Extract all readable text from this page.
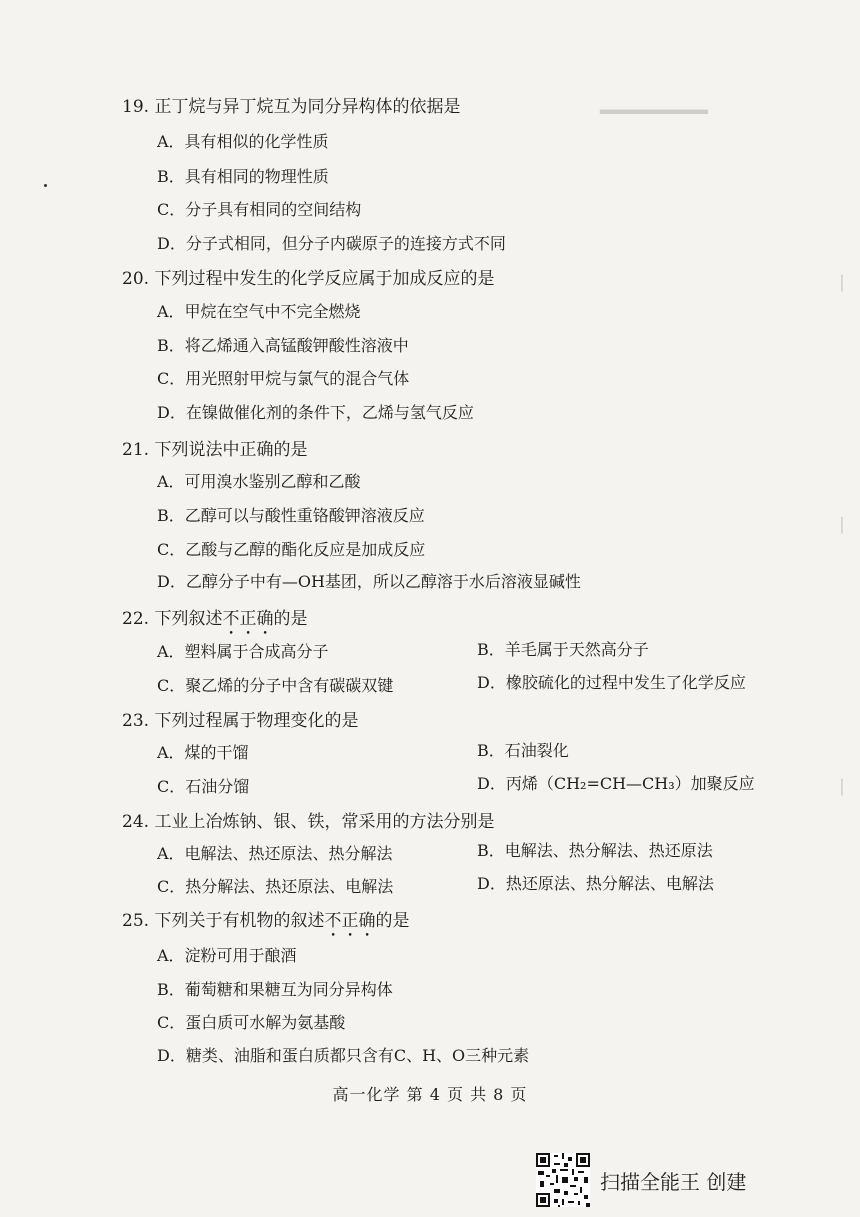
▔▔▔▔▔
▏
▏
▏
19. 正丁烷与异丁烷互为同分异构体的依据是
A．具有相似的化学性质
B．具有相同的物理性质
C．分子具有相同的空间结构
D．分子式相同，但分子内碳原子的连接方式不同
20. 下列过程中发生的化学反应属于加成反应的是
A．甲烷在空气中不完全燃烧
B．将乙烯通入高锰酸钾酸性溶液中
C．用光照射甲烷与氯气的混合气体
D．在镍做催化剂的条件下，乙烯与氢气反应
21. 下列说法中正确的是
A．可用溴水鉴别乙醇和乙酸
B．乙醇可以与酸性重铬酸钾溶液反应
C．乙酸与乙醇的酯化反应是加成反应
D．乙醇分子中有—OH基团，所以乙醇溶于水后溶液显碱性
22. 下列叙述不正确的是
A．塑料属于合成高分子	B．羊毛属于天然高分子
C．聚乙烯的分子中含有碳碳双键	D．橡胶硫化的过程中发生了化学反应
23. 下列过程属于物理变化的是
A．煤的干馏	B．石油裂化
C．石油分馏	D．丙烯（CH₂=CH—CH₃）加聚反应
24. 工业上冶炼钠、银、铁，常采用的方法分别是
A．电解法、热还原法、热分解法	B．电解法、热分解法、热还原法
C．热分解法、热还原法、电解法	D．热还原法、热分解法、电解法
25. 下列关于有机物的叙述不正确的是
A．淀粉可用于酿酒
B．葡萄糖和果糖互为同分异构体
C．蛋白质可水解为氨基酸
D．糖类、油脂和蛋白质都只含有C、H、O三种元素
高一化学 第 4 页 共 8 页
扫描全能王 创建
